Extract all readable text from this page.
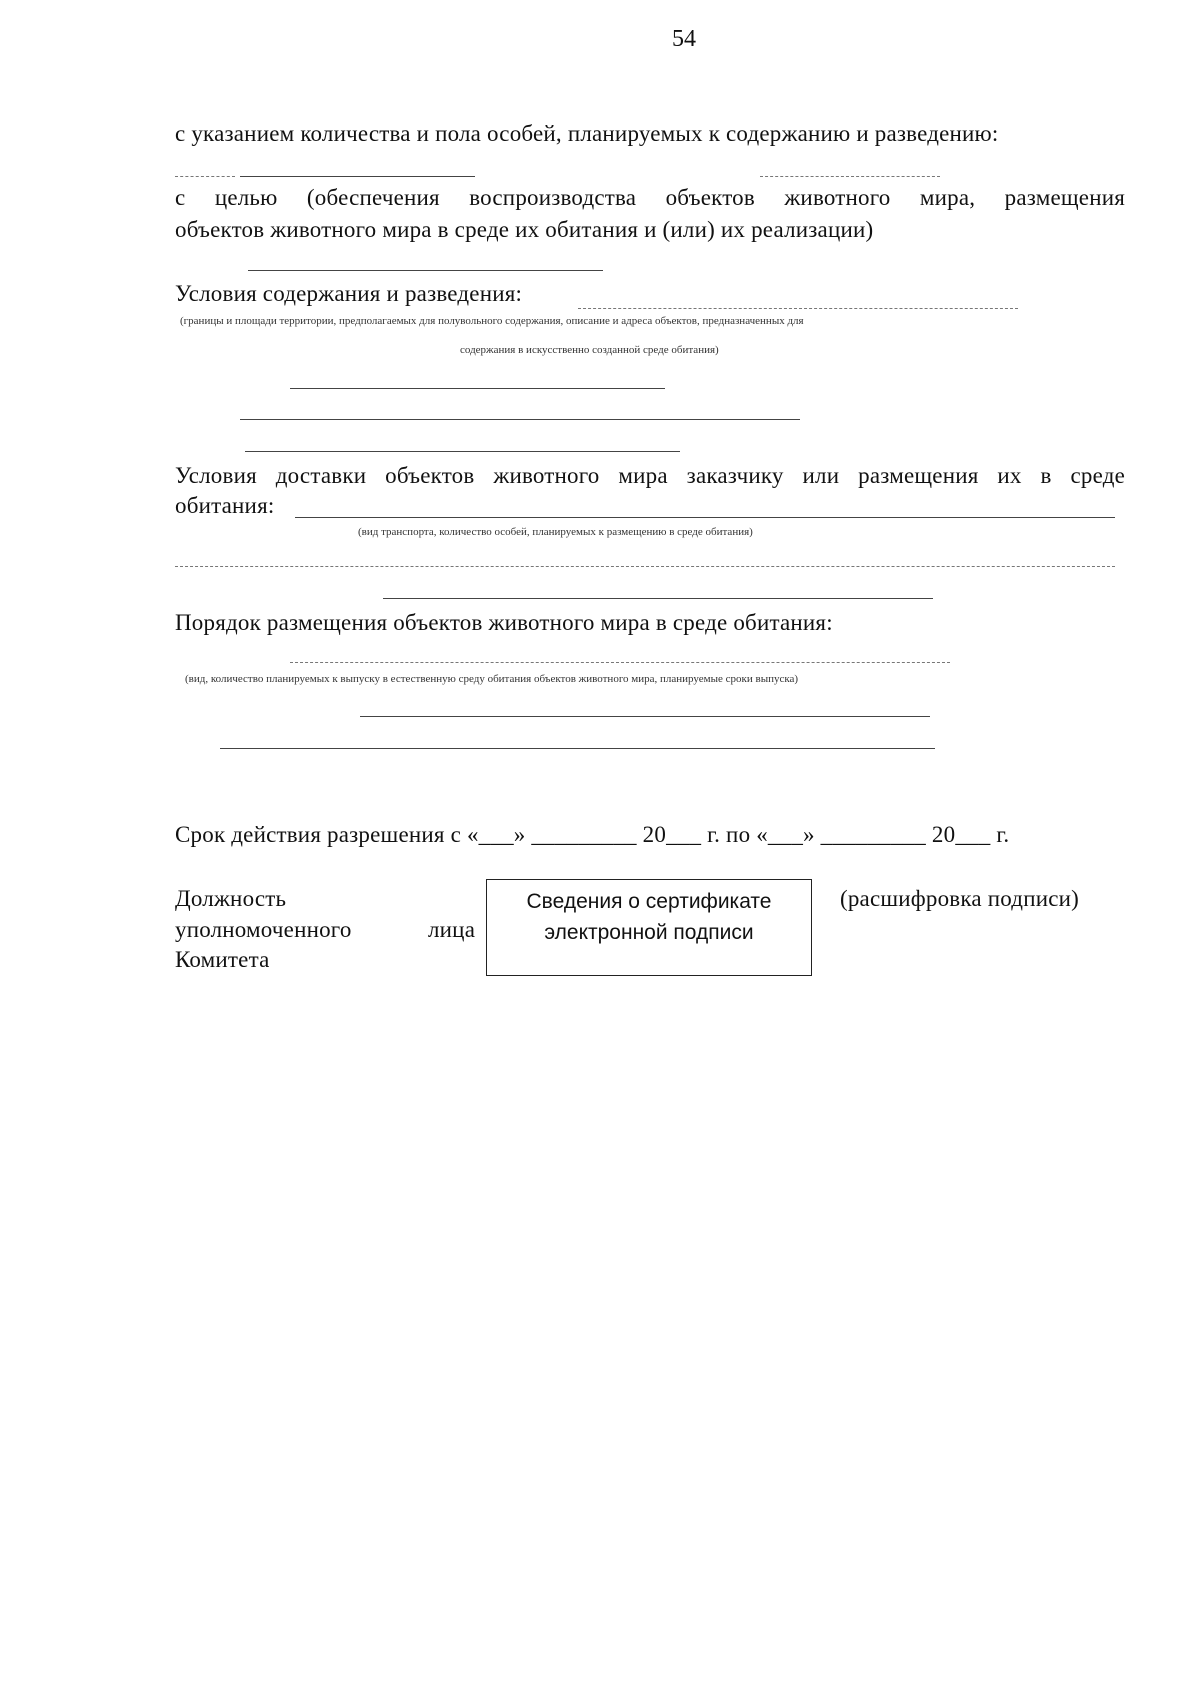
54
с указанием количества и пола особей, планируемых к содержанию и разведению:
с целью (обеспечения воспроизводства объектов животного мира, размещения
объектов животного мира в среде их обитания и (или) их реализации)
Условия содержания и разведения:
(границы и площади территории, предполагаемых для полувольного содержания, описание и адреса объектов, предназначенных для
содержания в искусственно созданной среде обитания)
Условия доставки объектов животного мира заказчику или размещения их в среде
обитания:
(вид транспорта, количество особей, планируемых к размещению в среде обитания)
Порядок размещения объектов животного мира в среде обитания:
(вид, количество планируемых к выпуску в естественную среду обитания объектов животного мира, планируемые сроки выпуска)
Срок действия разрешения с «___» _________ 20___ г. по «___» _________ 20___ г.
Должность
уполномоченного	лица
Комитета
Сведения о сертификате
электронной подписи
(расшифровка подписи)
